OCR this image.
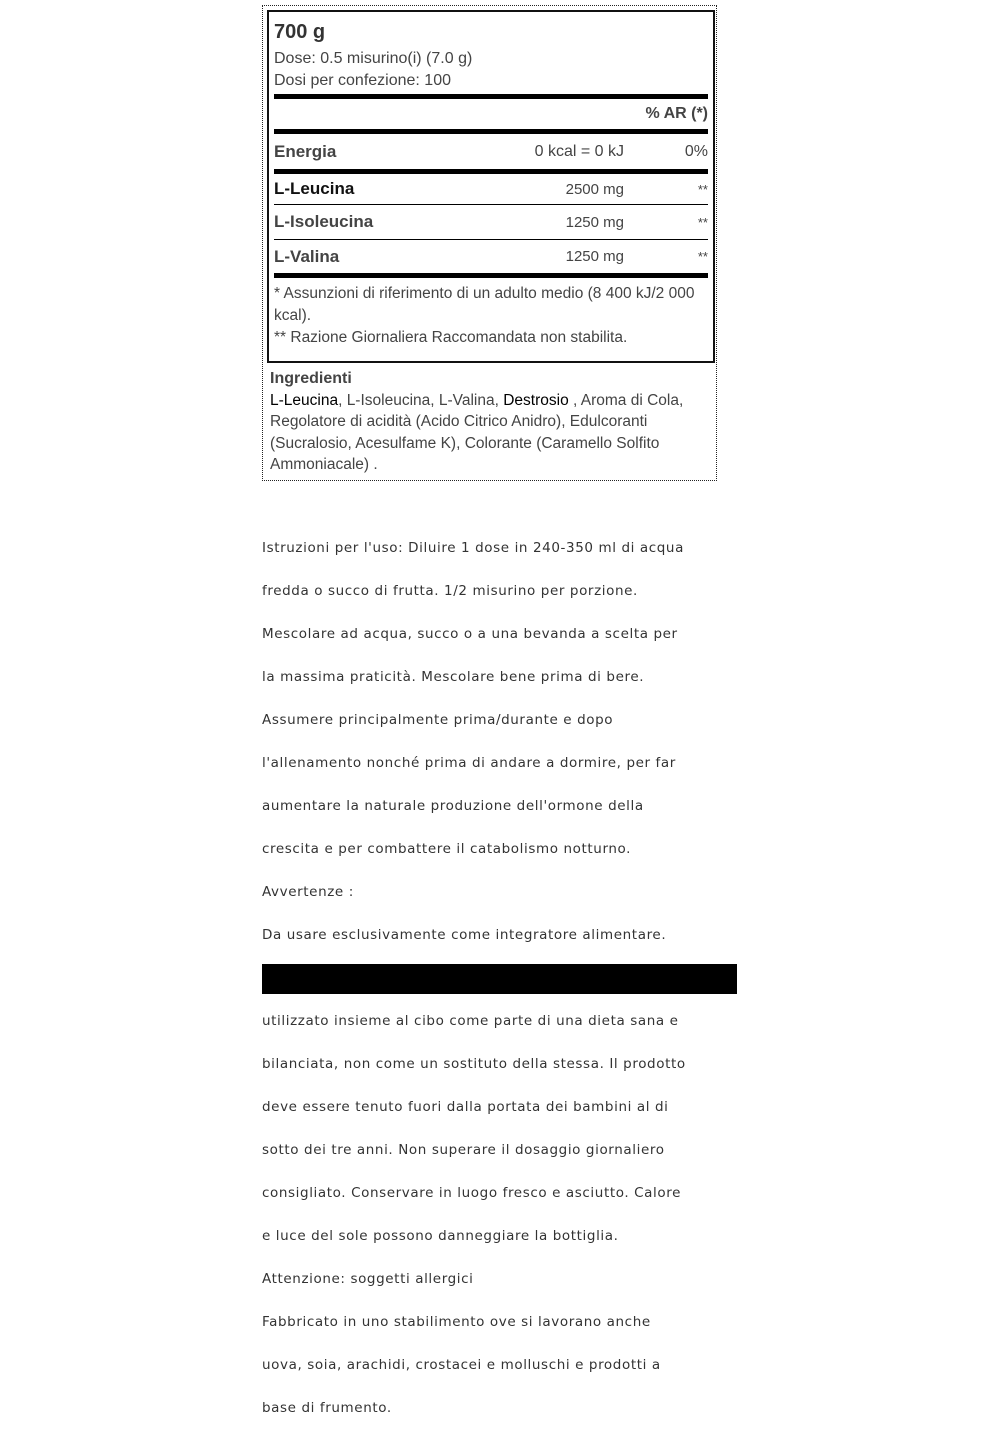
700 g
Dose: 0.5 misurino(i) (7.0 g)
Dosi per confezione: 100
% AR (*)
Energia	0 kcal = 0 kJ	0%
L-Leucina	2500 mg	**
L-Isoleucina	1250 mg	**
L-Valina	1250 mg	**
* Assunzioni di riferimento di un adulto medio (8 400 kJ/2 000 kcal).
** Razione Giornaliera Raccomandata non stabilita.
Ingredienti
L-Leucina, L-Isoleucina, L-Valina, Destrosio , Aroma di Cola, Regolatore di acidità (Acido Citrico Anidro), Edulcoranti (Sucralosio, Acesulfame K), Colorante (Caramello Solfito Ammoniacale) .

Istruzioni per l'uso: Diluire 1 dose in 240-350 ml di acqua

fredda o succo di frutta. 1/2 misurino per porzione.

Mescolare ad acqua, succo o a una bevanda a scelta per

la massima praticità. Mescolare bene prima di bere.

Assumere principalmente prima/durante e dopo

l'allenamento nonché prima di andare a dormire, per far

aumentare la naturale produzione dell'ormone della

crescita e per combattere il catabolismo notturno.

Avvertenze :

Da usare esclusivamente come integratore alimentare.

utilizzato insieme al cibo come parte di una dieta sana e

bilanciata, non come un sostituto della stessa. Il prodotto

deve essere tenuto fuori dalla portata dei bambini al di

sotto dei tre anni. Non superare il dosaggio giornaliero

consigliato. Conservare in luogo fresco e asciutto. Calore

e luce del sole possono danneggiare la bottiglia.

Attenzione: soggetti allergici

Fabbricato in uno stabilimento ove si lavorano anche

uova, soia, arachidi, crostacei e molluschi e prodotti a

base di frumento.
